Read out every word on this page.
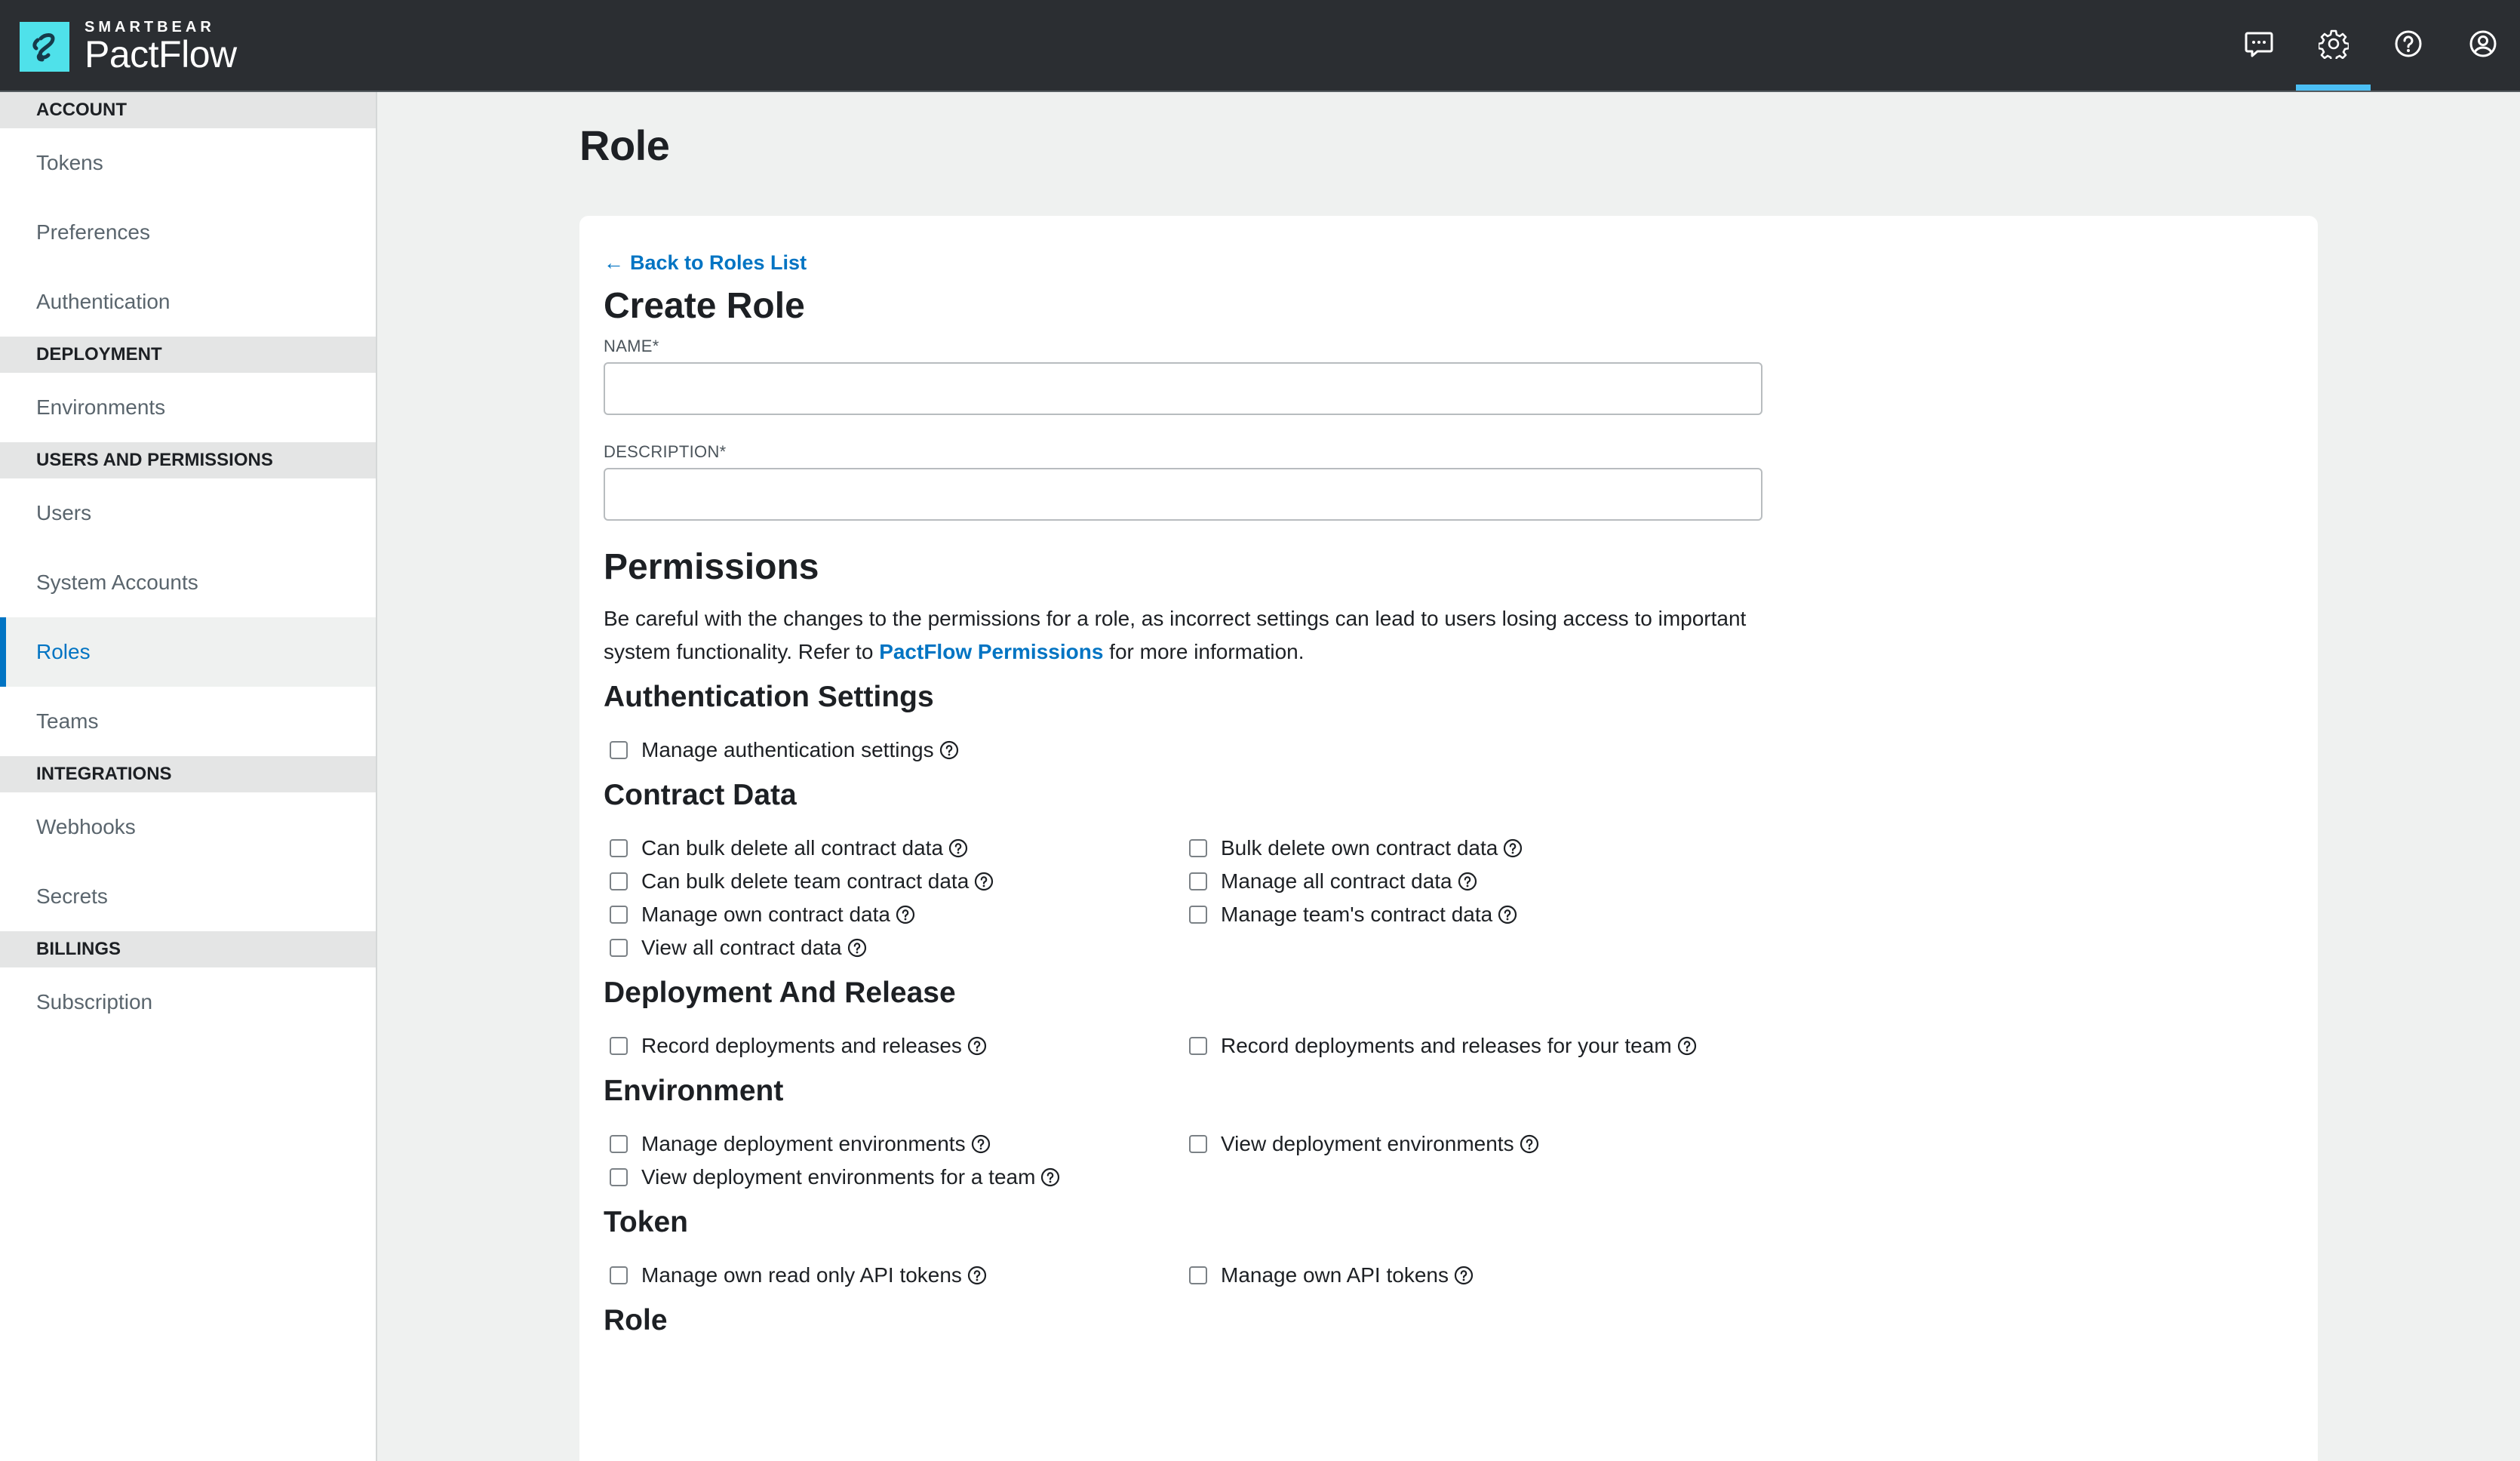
SMARTBEAR
PactFlow
ACCOUNT
Tokens
Preferences
Authentication
DEPLOYMENT
Environments
USERS AND PERMISSIONS
Users
System Accounts
Roles
Teams
INTEGRATIONS
Webhooks
Secrets
BILLINGS
Subscription
Role
← Back to Roles List
Create Role
NAME*
DESCRIPTION*
Permissions

Be careful with the changes to the permissions for a role, as incorrect settings can lead to users losing access to important system functionality. Refer to PactFlow Permissions for more information.

Authentication Settings
Manage authentication settings
Contract Data
Can bulk delete all contract data	Bulk delete own contract data
Can bulk delete team contract data	Manage all contract data
Manage own contract data	Manage team's contract data
View all contract data
Deployment And Release
Record deployments and releases	Record deployments and releases for your team
Environment
Manage deployment environments	View deployment environments
View deployment environments for a team
Token
Manage own read only API tokens	Manage own API tokens
Role
